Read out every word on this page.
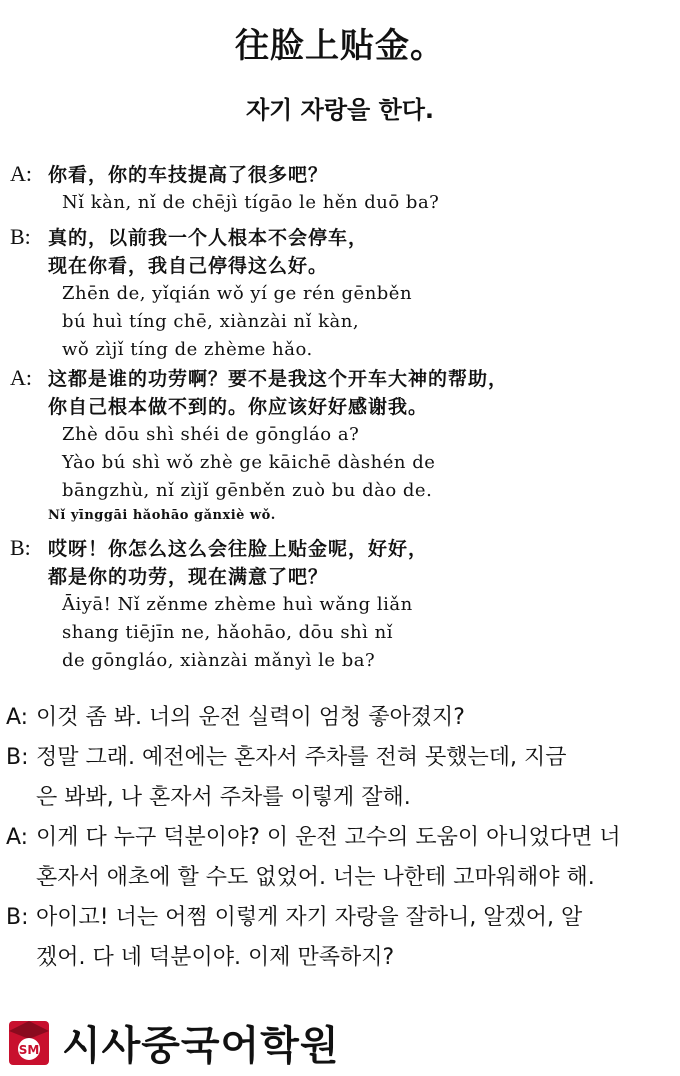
往脸上贴金。
자기 자랑을 한다.
A: 你看，你的车技提高了很多吧？
Nǐ kàn, nǐ de chējì tígāo le hěn duō ba?
B: 真的，以前我一个人根本不会停车，
现在你看，我自己停得这么好。
Zhēn de, yǐqián wǒ yí ge rén gēnběn
bú huì tíng chē, xiànzài nǐ kàn,
wǒ zìjǐ tíng de zhème hǎo.
A: 这都是谁的功劳啊？要不是我这个开车大神的帮助，
你自己根本做不到的。你应该好好感谢我。
Zhè dōu shì shéi de gōngláo a?
Yào bú shì wǒ zhè ge kāichē dàshén de
bāngzhù, nǐ zìjǐ gēnběn zuò bu dào de.
Nǐ yīnggāi hǎohāo gǎnxiè wǒ.
B: 哎呀！你怎么这么会往脸上贴金呢，好好，
都是你的功劳，现在满意了吧？
Āiyā! Nǐ zěnme zhème huì wǎng liǎn
shang tiējīn ne, hǎohāo, dōu shì nǐ
de gōngláo, xiànzài mǎnyì le ba?
A: 이것 좀 봐. 너의 운전 실력이 엄청 좋아졌지?
B: 정말 그래. 예전에는 혼자서 주차를 전혀 못했는데, 지금
은 봐봐, 나 혼자서 주차를 이렇게 잘해.
A: 이게 다 누구 덕분이야? 이 운전 고수의 도움이 아니었다면 너
혼자서 애초에 할 수도 없었어. 너는 나한테 고마워해야 해.
B: 아이고! 너는 어쩜 이렇게 자기 자랑을 잘하니, 알겠어, 알
겠어. 다 네 덕분이야. 이제 만족하지?
SM 시사중국어학원
